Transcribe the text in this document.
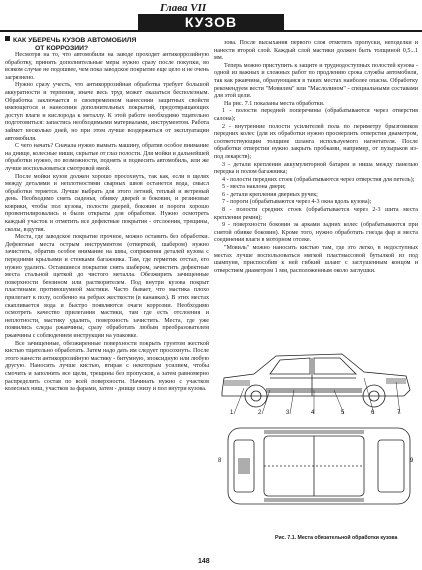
Глава VII
КУЗОВ
КАК УБЕРЕЧЬ КУЗОВ АВТОМОБИЛЯ
ОТ КОРРОЗИИ?

Несмотря на то, что автомобили на заводе проходят антикоррозийную обработку, принять дополнительные меры нужно сразу после покупки, во всяком случае не подошвее, чем пока заводское покрытие еще цело и не очень загрязнено.

Нужно сразу учесть, что антикоррозийная обработка требует большой аккуратности и терпения, иначе весь труд может оказаться бесполезным. Обработка заключается в своевременном нанесении защитных свойств имеющегося и нанесении дополнительных покрытий, предотвращающих доступ влаги и кислорода к металлу. К этой работе необходимо тщательно подготовиться: запастись необходимыми материалами, инструментом. Работа займет несколько дней, но при этом лучше воздержаться от эксплуатации автомобиля.

С чего начать? Сначала нужно вымыть машину, обратив особое внимание на днище, колесные ниши, скрытые от глаз полости. Для мойки и дальнейшей обработки нужно, по возможности, поднять и подвесить автомобиль, или же лучше воспользоваться смотровой ямой.

После мойки кузов должен хорошо просохнуть, так как, если в щелях между деталями и неплотностями сварных швов останется вода, смысл обработки теряется. Лучше выбрать для этого летний, теплый и ветреный день. Необходимо снять сиденья, обивку дверей и боковин, и резиновые коврики, чтобы пол кузова, полости дверей, боковин и пороги хорошо провентилировались и были открыты для обработки. Нужно осмотреть каждый участок и отметить все дефектные покрытия - отслоения, трещины, сколы, вздутия.

Места, где заводское покрытие прочное, можно оставить без обработки. Дефектные места острым инструментом (отверткой, шабером) нужно зачистить, обратив особое внимание на швы, сопряжения деталей кузова с передними крыльями и стенками багажника. Там, где герметик отстал, его нужно удалить. Оставшиеся покрытие снять шабером, зачистить дефектные места стальной щеткой до чистого металла. Обезжирить зачищенные поверхности бензином или растворителем. Под внутри кузова покрыт пластинами противошумной мастики. Часто бывает, что мастика плохо прилегает к полу, особенно на ребрах жесткости (в канавках). В этих местах скапливается вода и быстро появляются очаги коррозии. Необходимо осмотреть качество прилегания мастики, там где есть отслоения и неплотности, мастику удалить, поверхность зачистить. Места, где уже появились следы ржавчины, сразу обработать любым преобразователем ржавчины с соблюдением инструкции на упаковке.

Все зачищенные, обезжиренные поверхности покрыть грунтом жесткой кистью тщательно обработать. Затем надо дать им следует просохнуть. После этого нанести антикоррозийную мастику - битумную, эпоксидную или любую другую. Наносить лучше кистью, втирая с некоторым усилием, чтобы смочить и заполнить все щели, трещины без пропусков, а затем равномерно распределить состав по всей поверхности. Начинать нужно с участков колесных ниш, участков за фарами, затем - днище снизу и пол внутри кузова.

зова. После высыхания первого слоя отметить пропуски, неподелки и нанести второй слой. Каждый слой мастики должен быть толщиной 0,5...1 мм.

Теперь можно приступить к защите и труднодоступных полостей кузова - одной из важных и сложных работ по продлению срока службы автомобиля, так как ржавчина, образующаяся в таких местах наиболее опасна. Обработку рекомендуем вести "Мовилем" или "Маслолином" - специальными составами для этой цели.

На рис. 7.1 показаны места обработки.

1 - полости передней поперечины (обрабатываются через отверстия салона);

2 - внутренние полости усилителей пола по периметру брызговиков передних колес (для их обработки нужно просверлить отверстия диаметром, соответствующим толщине шланга используемого нагнетателя. После обработки отверстия нужно закрыть пробками, например, от пузырьков из-под лекарств);

3 - детали крепления аккумуляторной батареи и ниша между панелью передка и полом багажника;

4 - полости передних стоек (обрабатываются через отверстия для петель);

5 - места наклона двери;

6 - детали крепления дверных ручек;

7 - пороги (обрабатываются через 4-3 окна вдоль кузова);

8 - полости средних стоек (обрабатывается через 2-3 шита места крепления ремня);

9 - поверхности боковин за арками задних колес (обрабатываются при снятой обивке боковин). Кроме того, нужно обработать гнезда фар и места соединения влаги в моторном отсеке.

"Мовиль" можно наносить кистью там, где это легко, в недоступных местах лучше воспользоваться мягкой пластмассовой бутылкой из под шампуня, приспособив к ней гибкий шланг с заглушенным концом и отверстием диаметром 1 мм, расположенным около заглушки.

1	2	3	4	5	6	7
8	9
Рис. 7.1. Места обязательной обработки кузова
148
